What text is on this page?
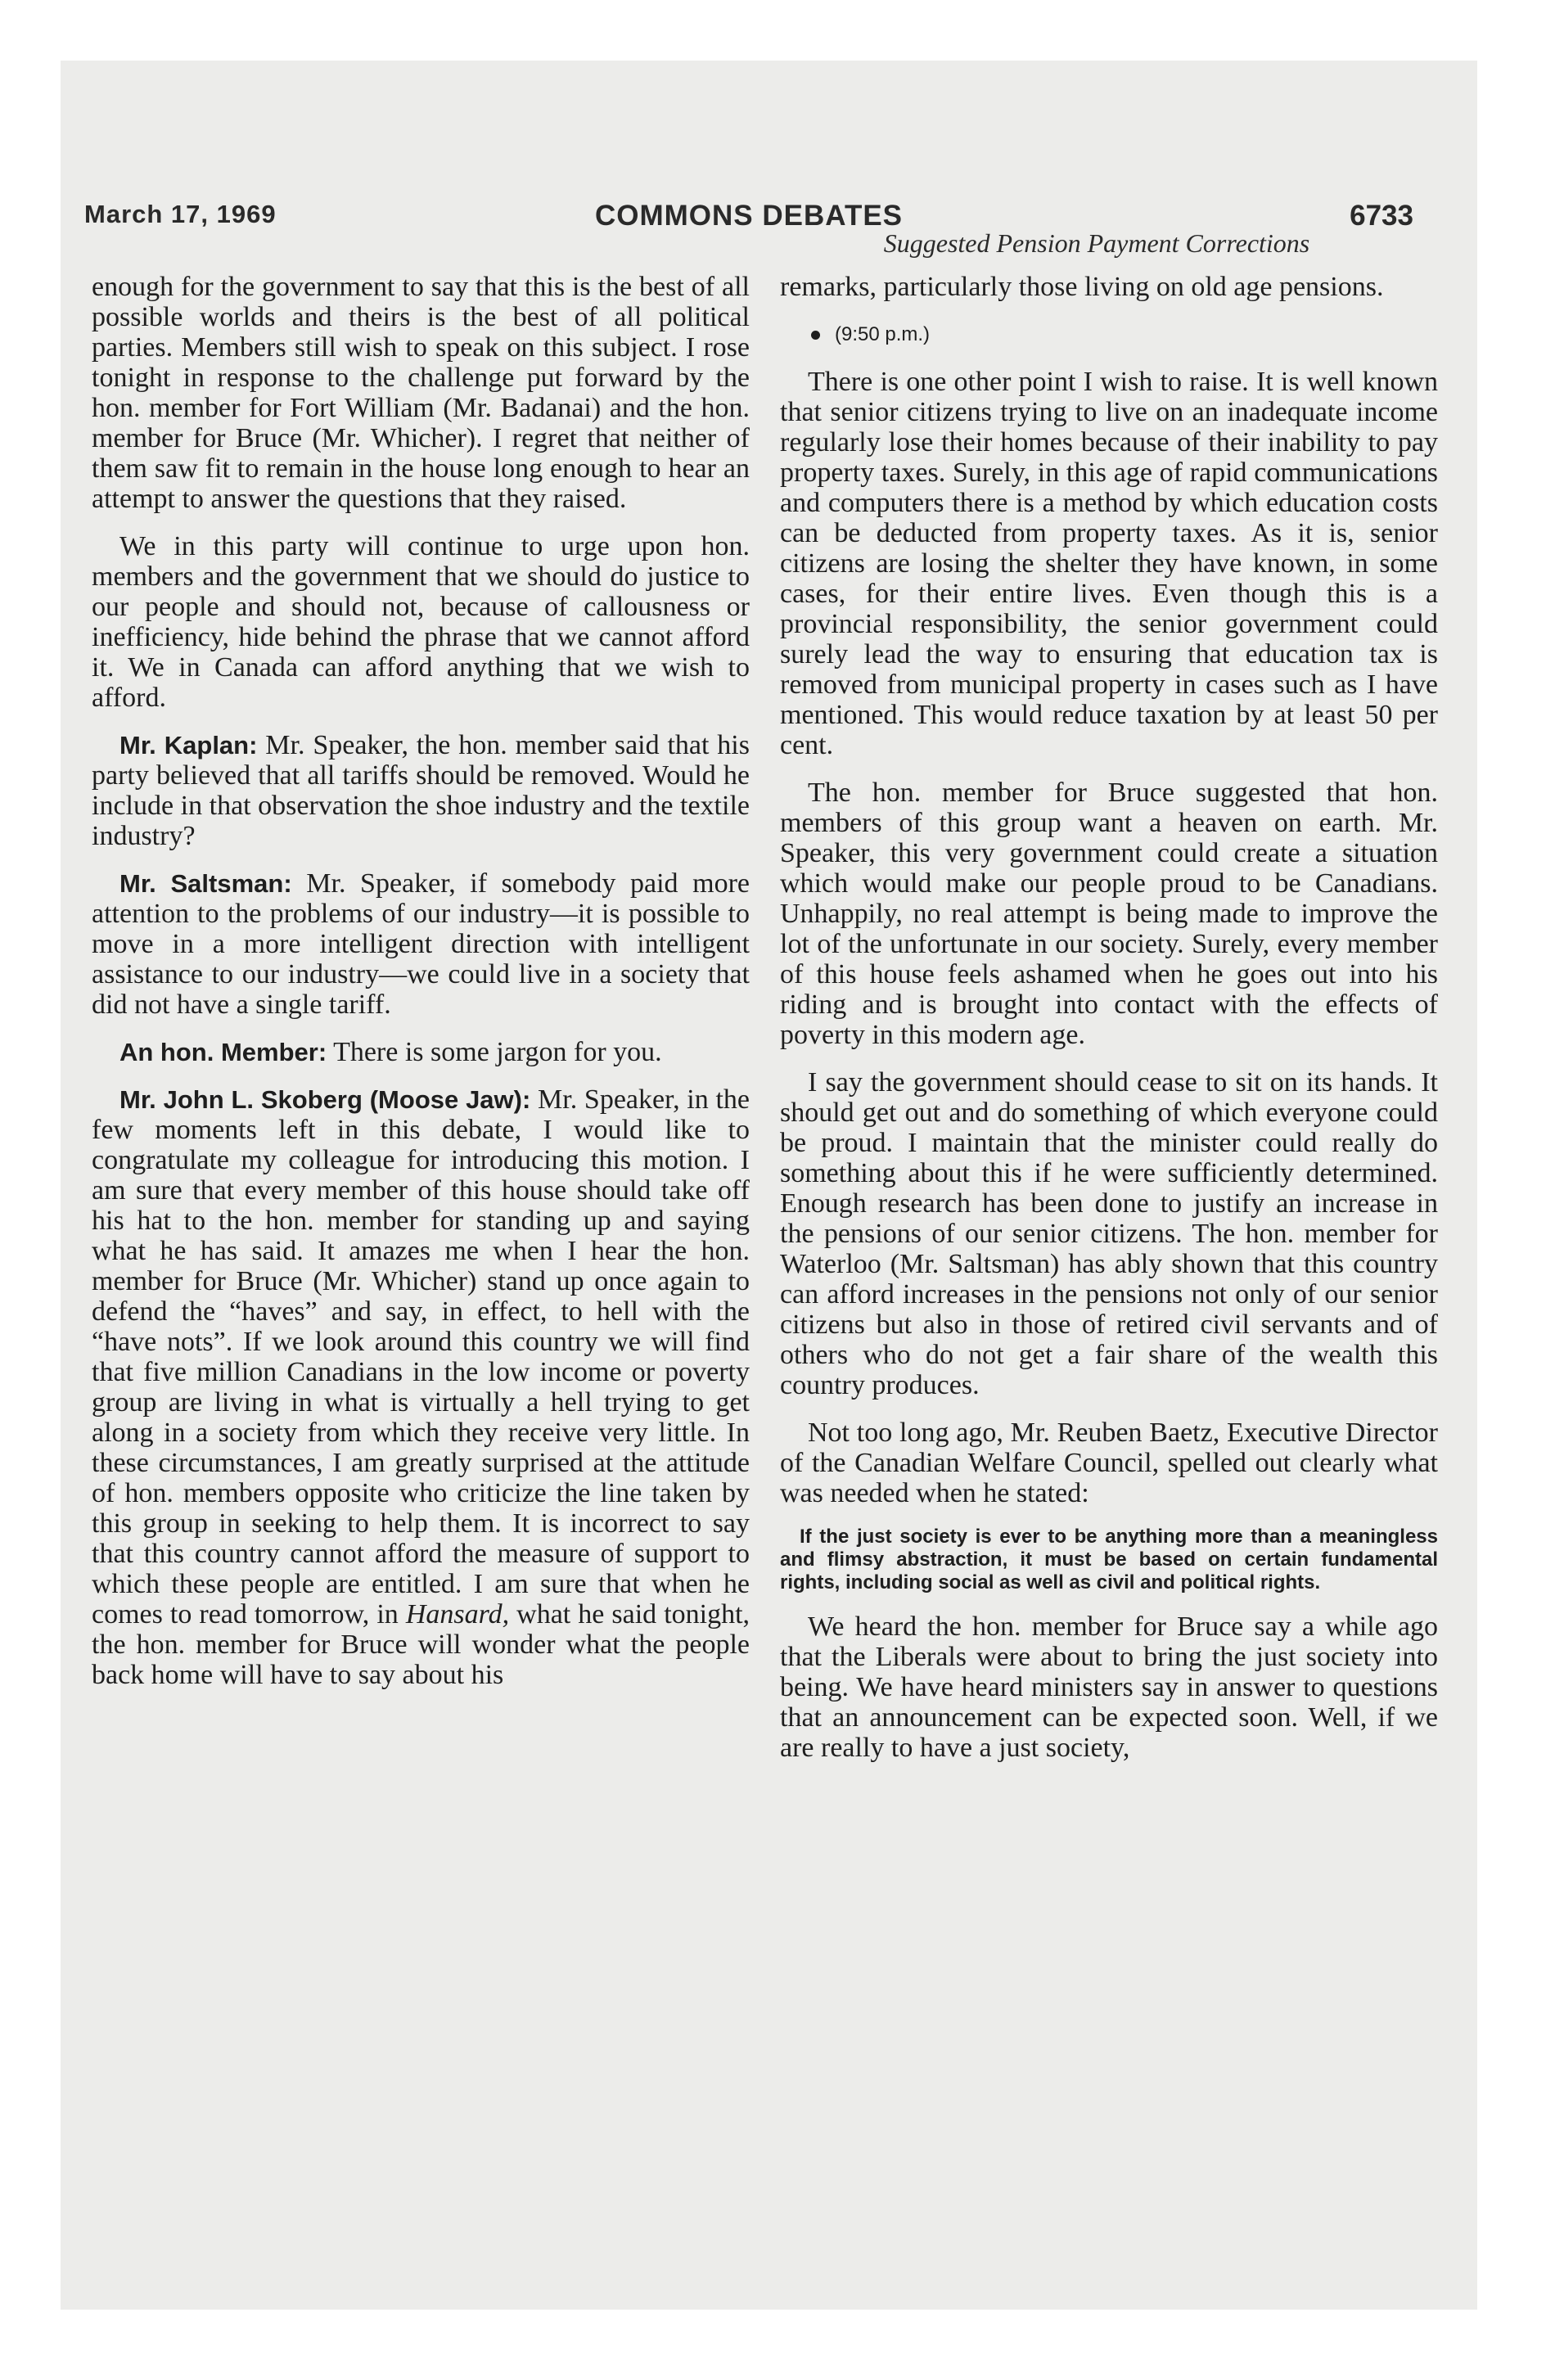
March 17, 1969	COMMONS DEBATES	6733
Suggested Pension Payment Corrections

enough for the government to say that this is the best of all possible worlds and theirs is the best of all political parties. Members still wish to speak on this subject. I rose tonight in response to the challenge put forward by the hon. member for Fort William (Mr. Badanai) and the hon. member for Bruce (Mr. Whicher). I regret that neither of them saw fit to remain in the house long enough to hear an attempt to answer the questions that they raised.

We in this party will continue to urge upon hon. members and the government that we should do justice to our people and should not, because of callousness or inefficiency, hide behind the phrase that we cannot afford it. We in Canada can afford anything that we wish to afford.

Mr. Kaplan: Mr. Speaker, the hon. member said that his party believed that all tariffs should be removed. Would he include in that observation the shoe industry and the textile industry?

Mr. Saltsman: Mr. Speaker, if somebody paid more attention to the problems of our industry—it is possible to move in a more intelligent direction with intelligent assistance to our industry—we could live in a society that did not have a single tariff.

An hon. Member: There is some jargon for you.

Mr. John L. Skoberg (Moose Jaw): Mr. Speaker, in the few moments left in this debate, I would like to congratulate my colleague for introducing this motion. I am sure that every member of this house should take off his hat to the hon. member for standing up and saying what he has said. It amazes me when I hear the hon. member for Bruce (Mr. Whicher) stand up once again to defend the “haves” and say, in effect, to hell with the “have nots”. If we look around this country we will find that five million Canadians in the low income or poverty group are living in what is virtually a hell trying to get along in a society from which they receive very little. In these circumstances, I am greatly surprised at the attitude of hon. members opposite who criticize the line taken by this group in seeking to help them. It is incorrect to say that this country cannot afford the measure of support to which these people are entitled. I am sure that when he comes to read tomorrow, in Hansard, what he said tonight, the hon. member for Bruce will wonder what the people back home will have to say about his

remarks, particularly those living on old age pensions.

(9:50 p.m.)

There is one other point I wish to raise. It is well known that senior citizens trying to live on an inadequate income regularly lose their homes because of their inability to pay property taxes. Surely, in this age of rapid communications and computers there is a method by which education costs can be deducted from property taxes. As it is, senior citizens are losing the shelter they have known, in some cases, for their entire lives. Even though this is a provincial responsibility, the senior government could surely lead the way to ensuring that education tax is removed from municipal property in cases such as I have mentioned. This would reduce taxation by at least 50 per cent.

The hon. member for Bruce suggested that hon. members of this group want a heaven on earth. Mr. Speaker, this very government could create a situation which would make our people proud to be Canadians. Unhappily, no real attempt is being made to improve the lot of the unfortunate in our society. Surely, every member of this house feels ashamed when he goes out into his riding and is brought into contact with the effects of poverty in this modern age.

I say the government should cease to sit on its hands. It should get out and do something of which everyone could be proud. I maintain that the minister could really do something about this if he were sufficiently determined. Enough research has been done to justify an increase in the pensions of our senior citizens. The hon. member for Waterloo (Mr. Saltsman) has ably shown that this country can afford increases in the pensions not only of our senior citizens but also in those of retired civil servants and of others who do not get a fair share of the wealth this country produces.

Not too long ago, Mr. Reuben Baetz, Executive Director of the Canadian Welfare Council, spelled out clearly what was needed when he stated:

If the just society is ever to be anything more than a meaningless and flimsy abstraction, it must be based on certain fundamental rights, including social as well as civil and political rights.

We heard the hon. member for Bruce say a while ago that the Liberals were about to bring the just society into being. We have heard ministers say in answer to questions that an announcement can be expected soon. Well, if we are really to have a just society,
